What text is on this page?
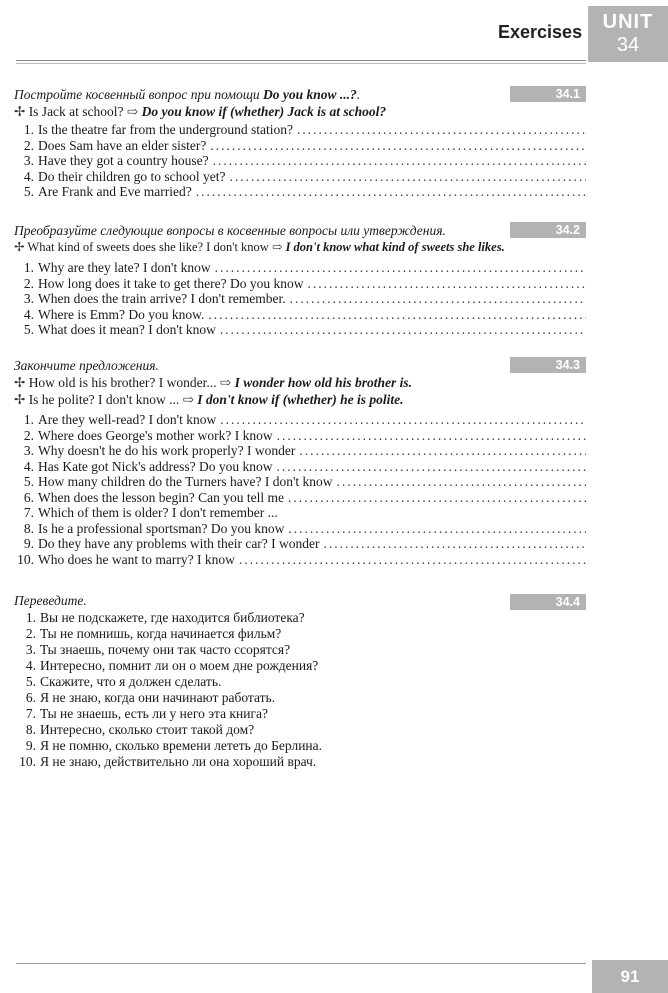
Exercises	UNIT
34
34.1
Постройте косвенный вопрос при помощи Do you know ...?.
✢ Is Jack at school? ⇨ Do you know if (whether) Jack is at school?
1. Is the theatre far from the underground station?
.....
2. Does Sam have an elder sister?
.....
3. Have they got a country house?
.....
4. Do their children go to school yet?
.....
5. Are Frank and Eve married?
.....
34.2
Преобразуйте следующие вопросы в косвенные вопросы или утверждения.
✢ What kind of sweets does she like? I don't know ⇨ I don't know what kind of sweets she likes.
1. Why are they late? I don't know
.....
2. How long does it take to get there? Do you know
.....
3. When does the train arrive? I don't remember.
.....
4. Where is Emm? Do you know.
.....
5. What does it mean? I don't know
.....
34.3
Закончите предложения.
✢ How old is his brother? I wonder... ⇨ I wonder how old his brother is.
✢ Is he polite? I don't know ... ⇨ I don't know if (whether) he is polite.
1. Are they well-read? I don't know
.....
2. Where does George's mother work? I know
.....
3. Why doesn't he do his work properly? I wonder
.....
4. Has Kate got Nick's address? Do you know
.....
5. How many children do the Turners have? I don't know
.....
6. When does the lesson begin? Can you tell me
.....
7. Which of them is older? I don't remember ...
8. Is he a professional sportsman? Do you know
.....
9. Do they have any problems with their car? I wonder
.....
10. Who does he want to marry? I know
.....
34.4
Переведите.
1. Вы не подскажете, где находится библиотека?
2. Ты не помнишь, когда начинается фильм?
3. Ты знаешь, почему они так часто ссорятся?
4. Интересно, помнит ли он о моем дне рождения?
5. Скажите, что я должен сделать.
6. Я не знаю, когда они начинают работать.
7. Ты не знаешь, есть ли у него эта книга?
8. Интересно, сколько стоит такой дом?
9. Я не помню, сколько времени лететь до Берлина.
10. Я не знаю, действительно ли она хороший врач.
91
